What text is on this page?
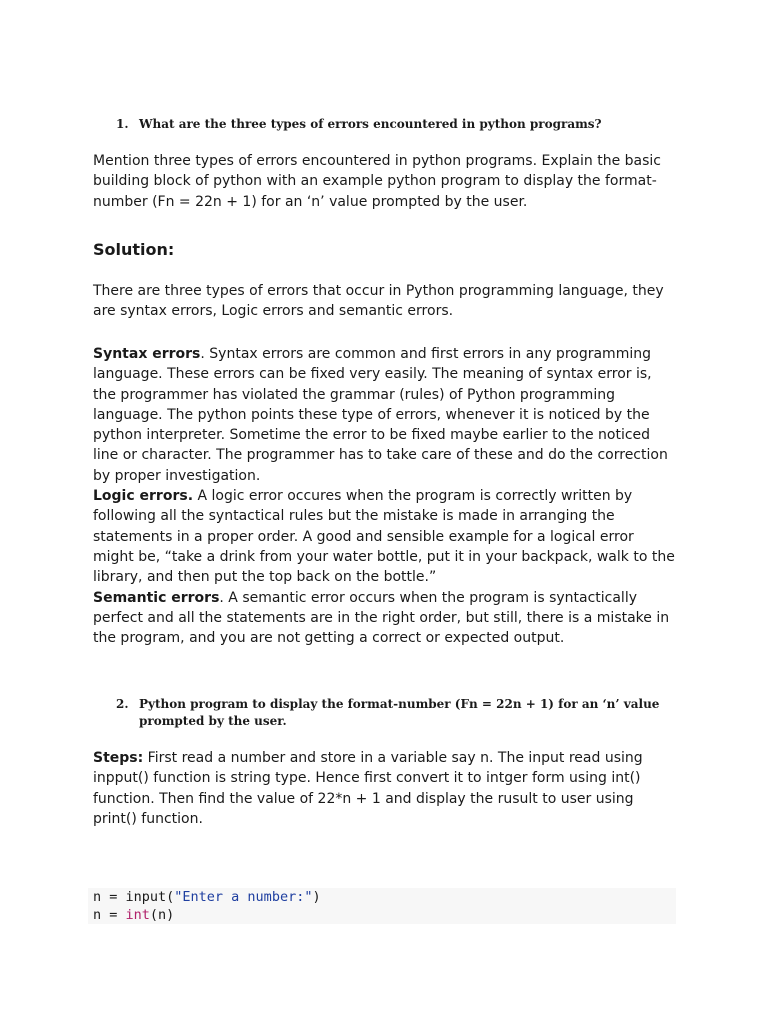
1. What are the three types of errors encountered in python programs?
Mention three types of errors encountered in python programs. Explain the basic building block of python with an example python program to display the format-number (Fn = 22n + 1) for an ‘n’ value prompted by the user.
Solution:
There are three types of errors that occur in Python programming language, they are syntax errors, Logic errors and semantic errors.
Syntax errors. Syntax errors are common and first errors in any programming language. These errors can be fixed very easily. The meaning of syntax error is, the programmer has violated the grammar (rules) of Python programming language. The python points these type of errors, whenever it is noticed by the python interpreter. Sometime the error to be fixed maybe earlier to the noticed line or character. The programmer has to take care of these and do the correction by proper investigation.
Logic errors. A logic error occures when the program is correctly written by following all the syntactical rules but the mistake is made in arranging the statements in a proper order. A good and sensible example for a logical error might be, “take a drink from your water bottle, put it in your backpack, walk to the library, and then put the top back on the bottle.”
Semantic errors. A semantic error occurs when the program is syntactically perfect and all the statements are in the right order, but still, there is a mistake in the program, and you are not getting a correct or expected output.
2. Python program to display the format-number (Fn = 22n + 1) for an ‘n’ value prompted by the user.
Steps: First read a number and store in a variable say n. The input read using inpput() function is string type. Hence first convert it to intger form using int() function. Then find the value of 22*n + 1 and display the rusult to user using print() function.
n = input("Enter a number:")
n = int(n)
